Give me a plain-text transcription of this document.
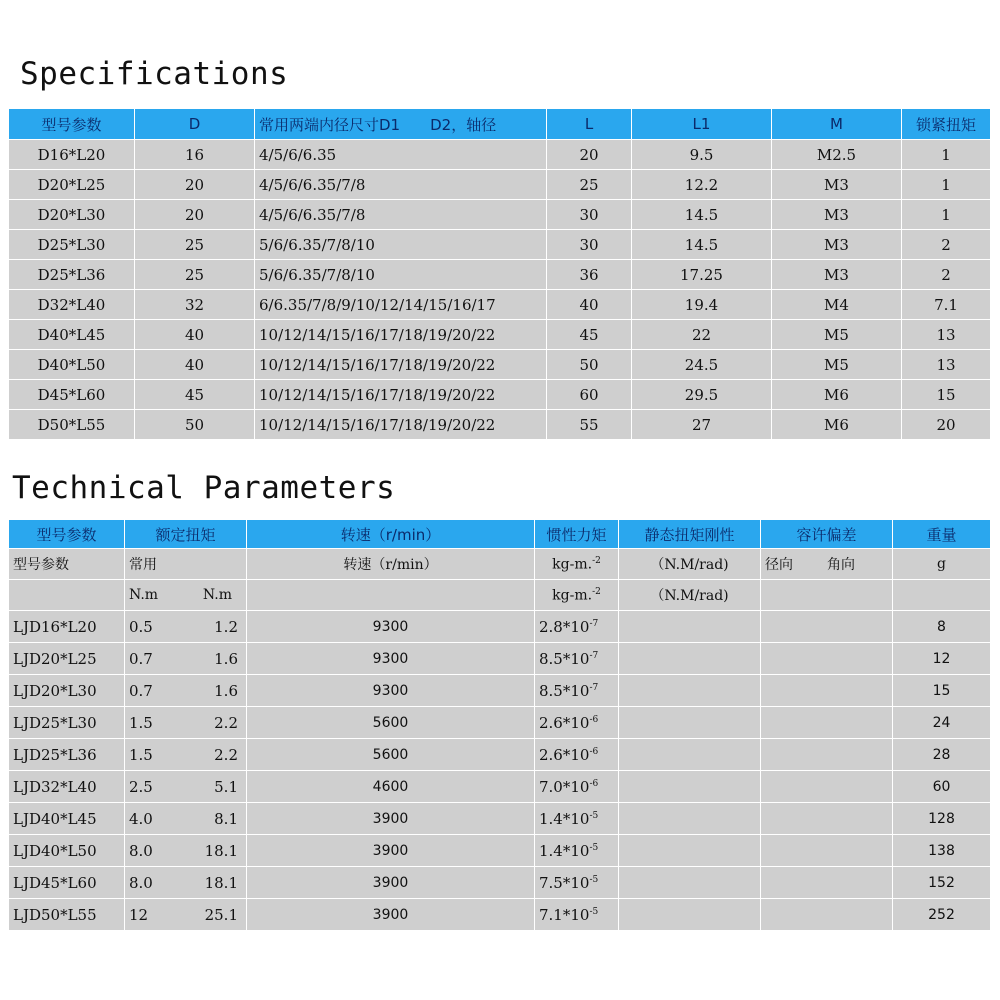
Specifications
型号参数	D	常用两端内径尺寸D1　　D2，轴径	L	L1	M	锁紧扭矩
D16*L20	16	4/5/6/6.35	20	9.5	M2.5	1
D20*L25	20	4/5/6/6.35/7/8	25	12.2	M3	1
D20*L30	20	4/5/6/6.35/7/8	30	14.5	M3	1
D25*L30	25	5/6/6.35/7/8/10	30	14.5	M3	2
D25*L36	25	5/6/6.35/7/8/10	36	17.25	M3	2
D32*L40	32	6/6.35/7/8/9/10/12/14/15/16/17	40	19.4	M4	7.1
D40*L45	40	10/12/14/15/16/17/18/19/20/22	45	22	M5	13
D40*L50	40	10/12/14/15/16/17/18/19/20/22	50	24.5	M5	13
D45*L60	45	10/12/14/15/16/17/18/19/20/22	60	29.5	M6	15
D50*L55	50	10/12/14/15/16/17/18/19/20/22	55	27	M6	20
Technical Parameters
型号参数	额定扭矩	转速（r/min）	惯性力矩	静态扭矩刚性	容许偏差	重量
型号参数	常用	转速（r/min）	kg-m.$^{-2}$	（N.M/rad)	径向 角向	g

	N.m N.m		kg-m.$^{-2}$	（N.M/rad)		
LJD16*L20	0.5 1.2	9300	$2.8*10^{-7}$			8
LJD20*L25	0.7 1.6	9300	$8.5*10^{-7}$			12
LJD20*L30	0.7 1.6	9300	$8.5*10^{-7}$			15
LJD25*L30	1.5 2.2	5600	$2.6*10^{-6}$			24
LJD25*L36	1.5 2.2	5600	$2.6*10^{-6}$			28
LJD32*L40	2.5 5.1	4600	$7.0*10^{-6}$			60
LJD40*L45	4.0 8.1	3900	$1.4*10^{-5}$			128
LJD40*L50	8.0 18.1	3900	$1.4*10^{-5}$			138
LJD45*L60	8.0 18.1	3900	$7.5*10^{-5}$			152
LJD50*L55	12 25.1	3900	$7.1*10^{-5}$			252
